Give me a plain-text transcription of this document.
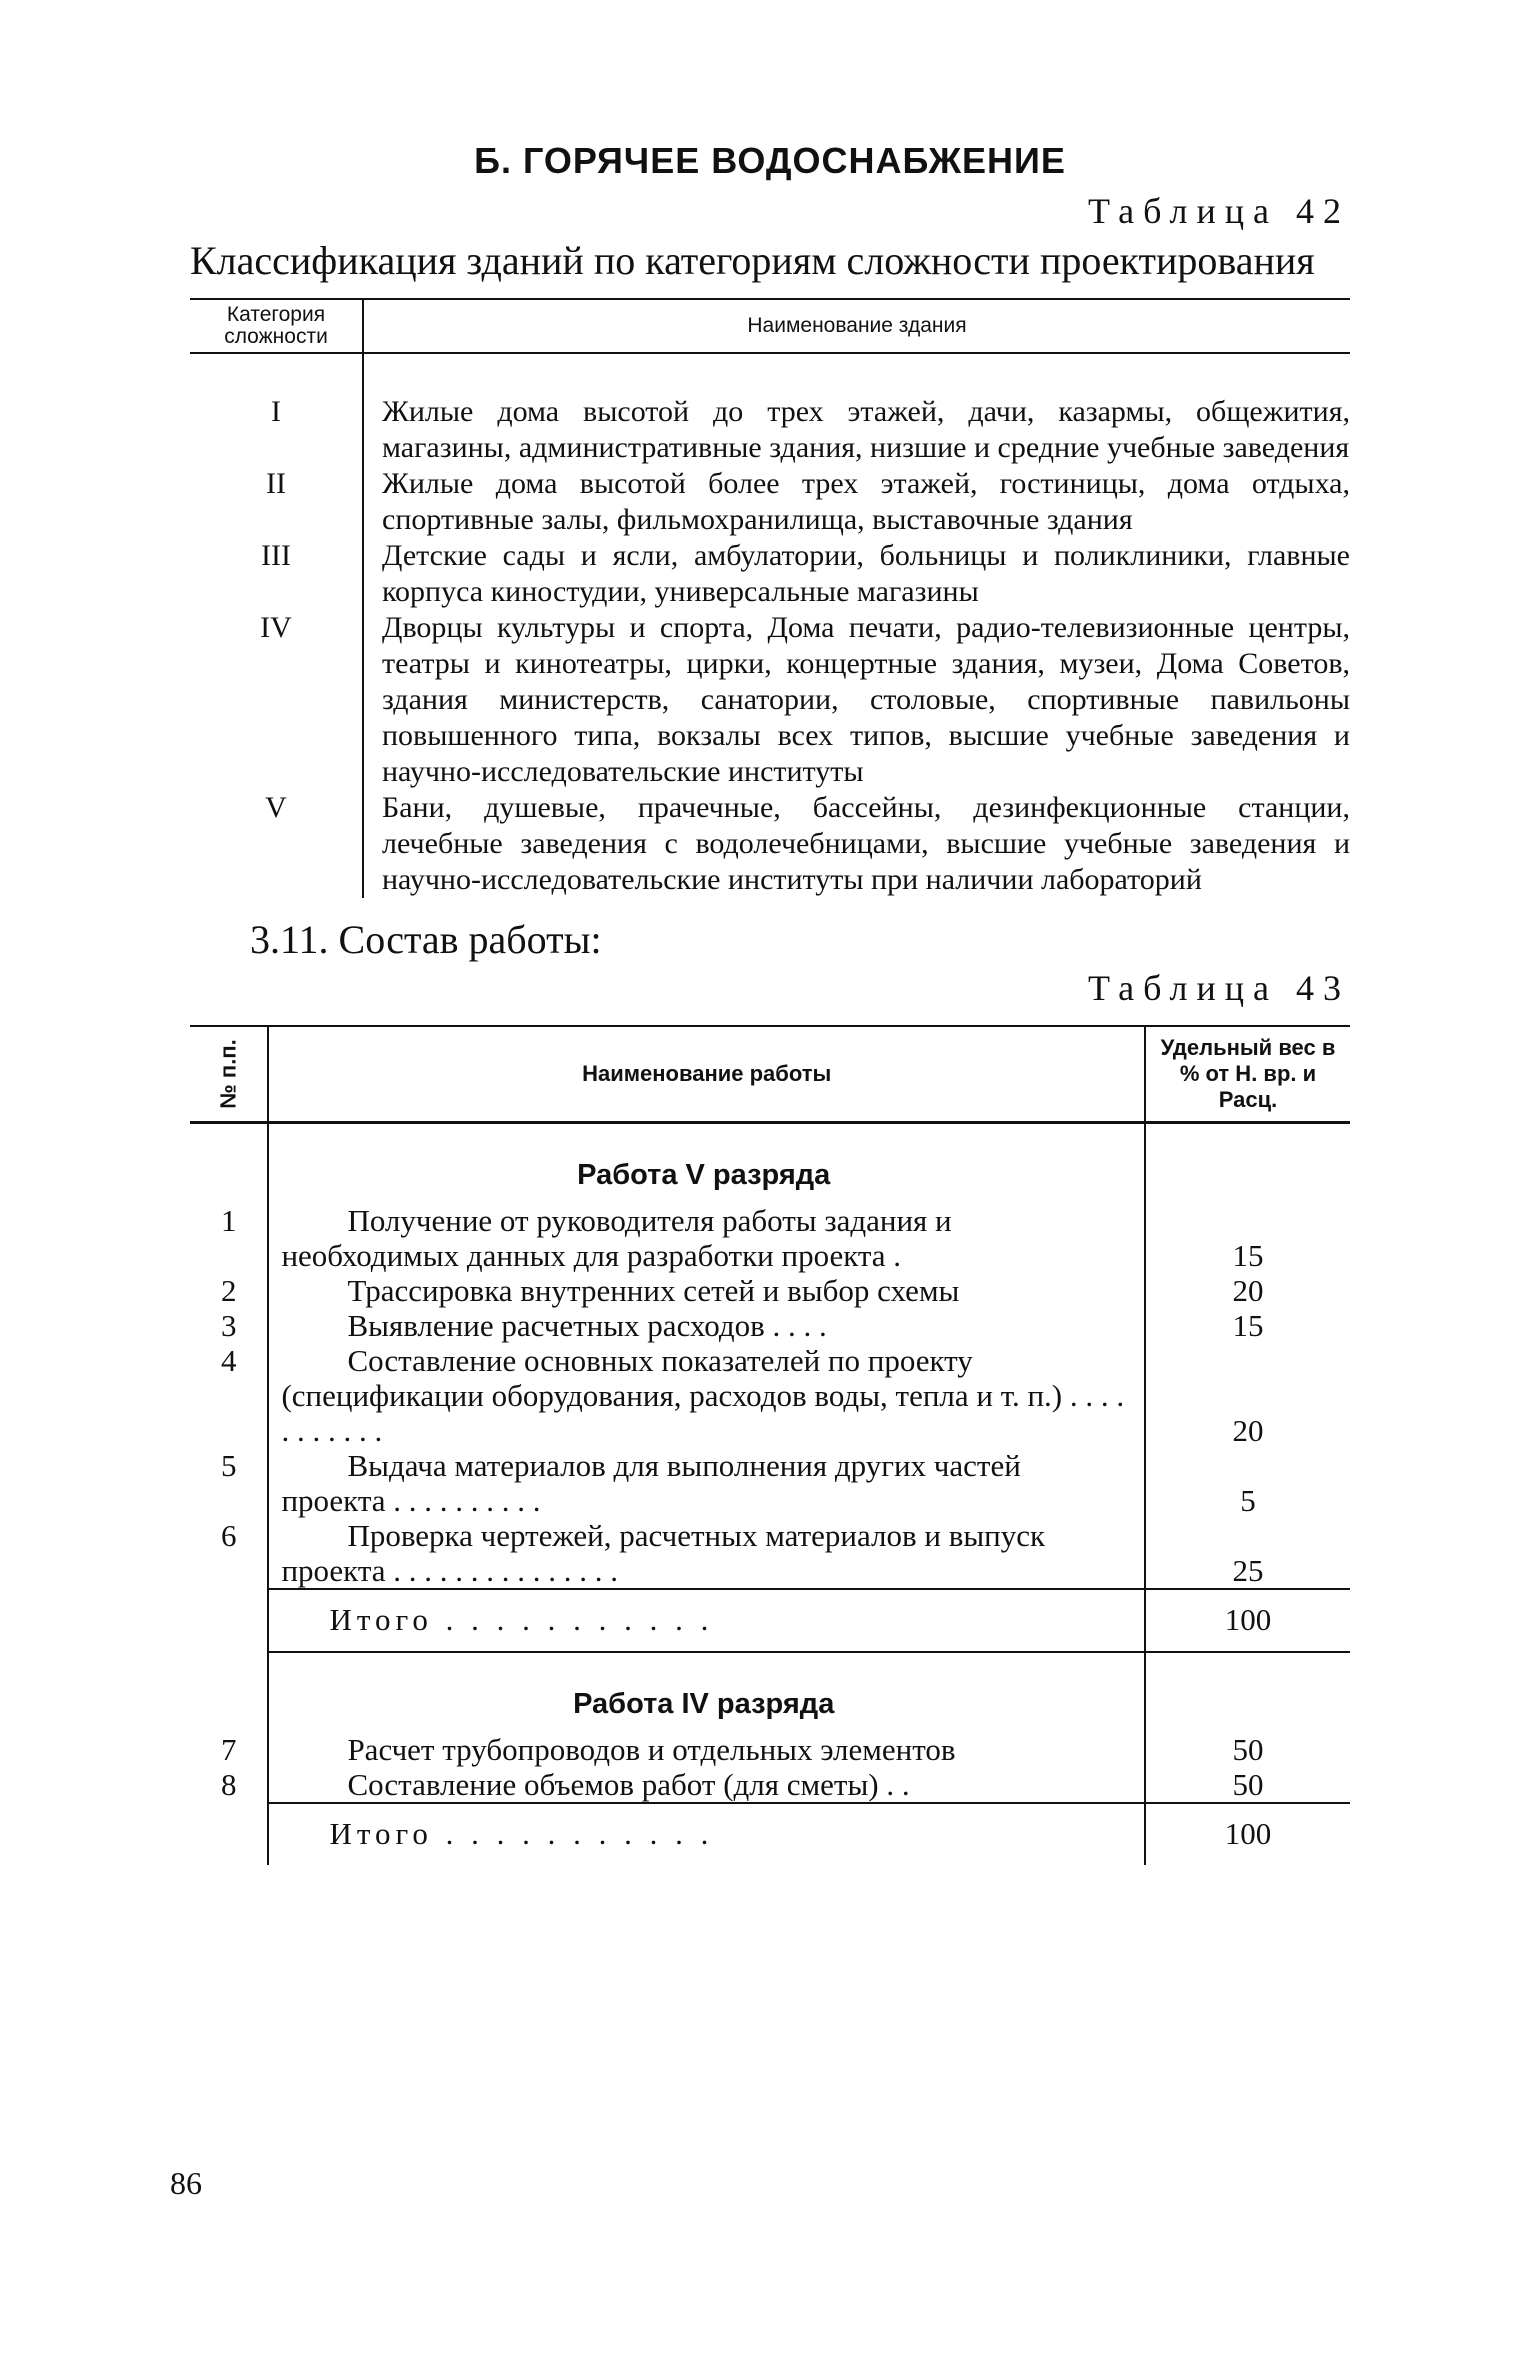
Б. ГОРЯЧЕЕ ВОДОСНАБЖЕНИЕ

Таблица 42

Классификация зданий по категориям сложности проектирования

Категория сложности	Наименование здания
I	Жилые дома высотой до трех этажей, дачи, казармы, общежития, магазины, административные здания, низшие и средние учебные заведения
II	Жилые дома высотой более трех этажей, гостиницы, дома отдыха, спортивные залы, фильмохранилища, выставочные здания
III	Детские сады и ясли, амбулатории, больницы и поликлиники, главные корпуса киностудии, универсальные магазины
IV	Дворцы культуры и спорта, Дома печати, радио-телевизионные центры, театры и кинотеатры, цирки, концертные здания, музеи, Дома Советов, здания министерств, санатории, столовые, спортивные павильоны повышенного типа, вокзалы всех типов, высшие учебные заведения и научно-исследовательские институты
V	Бани, душевые, прачечные, бассейны, дезинфекционные станции, лечебные заведения с водолечебницами, высшие учебные заведения и научно-исследовательские институты при наличии лабораторий

3.11. Состав работы:

Таблица 43

№ п.п.	Наименование работы	Удельный вес в % от Н. вр. и Расц.
	Работа V разряда	
1	Получение от руководителя работы задания и необходимых данных для разработки проекта .	15
2	Трассировка внутренних сетей и выбор схемы	20
3	Выявление расчетных расходов . . . .	15
4	Составление основных показателей по проекту (спецификации оборудования, расходов воды, тепла и т. п.) . . . . . . . . . . .	20
5	Выдача материалов для выполнения других частей проекта . . . . . . . . . .	5
6	Проверка чертежей, расчетных материалов и выпуск проекта . . . . . . . . . . . . . . .	25
	Итого . . . . . . . . . . .	100
	Работа IV разряда	
7	Расчет трубопроводов и отдельных элементов	50
8	Составление объемов работ (для сметы) . .	50
	Итого . . . . . . . . . . .	100
86
